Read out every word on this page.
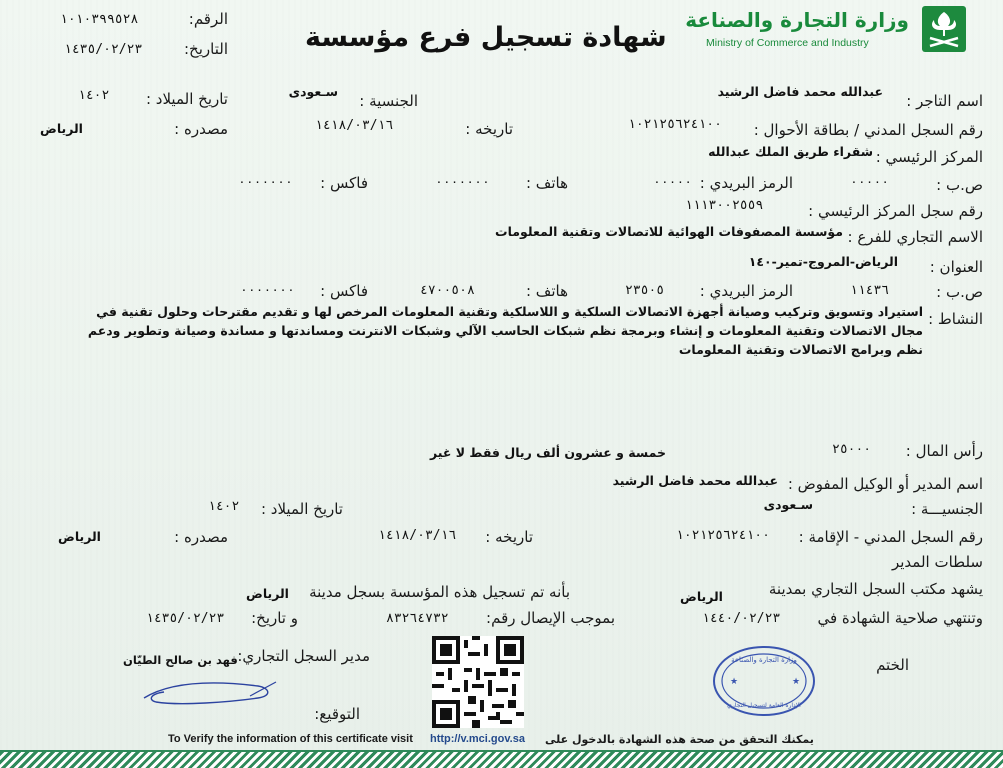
وزارة التجارة والصناعة
Ministry of Commerce and Industry
شهادة تسجيل فرع مؤسسة
الرقم:
١٠١٠٣٩٩٥٢٨
التاريخ:
١٤٣٥/٠٢/٢٣
اسم التاجر :
عبدالله محمد فاضل الرشيد
الجنسية :
سـعودى
تاريخ الميلاد :
١٤٠٢
رقم السجل المدني / بطاقة الأحوال :
١٠٢١٢٥٦٢٤١٠٠
تاريخه :
١٤١٨/٠٣/١٦
مصدره :
الرياض
المركز الرئيسي :
شقراء طريق الملك عبدالله
ص.ب :
٠٠٠٠٠
الرمز البريدي :
٠٠٠٠٠
هاتف :
٠٠٠٠٠٠٠
فاكس :
٠٠٠٠٠٠٠
رقم سجل المركز الرئيسي :
١١١٣٠٠٢٥٥٩
الاسم التجاري للفرع :
مؤسسة المصفوفات الهوائية للاتصالات وتقنية المعلومات
العنوان :
الرياض-المروج-تمير-١٤٠
ص.ب :
١١٤٣٦
الرمز البريدي :
٢٣٥٠٥
هاتف :
٤٧٠٠٥٠٨
فاكس :
٠٠٠٠٠٠٠
النشاط :
استيراد وتسويق وتركيب وصيانة أجهزة الاتصالات السلكية و اللاسلكية وتقنية المعلومات المرخص لها و تقديم مقترحات وحلول تقنية في مجال الاتصالات وتقنية المعلومات و إنشاء وبرمجة نظم شبكات الحاسب الآلي وشبكات الانترنت ومساندتها و مساندة وصيانة وتطوير ودعم نظم وبرامج الاتصالات وتقنية المعلومات
رأس المال :
٢٥٠٠٠
خمسة و عشرون ألف ريال فقط لا غير
اسم المدير أو الوكيل المفوض :
عبدالله محمد فاضل الرشيد
الجنسيـــة :
سـعودى
تاريخ الميلاد :
١٤٠٢
رقم السجل المدني - الإقامة :
١٠٢١٢٥٦٢٤١٠٠
تاريخه :
١٤١٨/٠٣/١٦
مصدره :
الرياض
سلطات المدير
يشهد مكتب السجل التجاري بمدينة
الرياض
بأنه تم تسجيل هذه المؤسسة بسجل مدينة
الرياض
وتنتهي صلاحية الشهادة في
١٤٤٠/٠٢/٢٣
بموجب الإيصال رقم:
٨٣٢٦٤٧٣٢
و تاريخ:
١٤٣٥/٠٢/٢٣
الختم
مدير السجل التجاري:
فهد بن صالح الطيّان
التوقيع:
وزارة التجارة والصناعة
الإدارة العامة لتسجيل التجاري
★	★
To Verify the information of this certificate visit http://v.mci.gov.sa يمكنك التحقق من صحة هذه الشهادة بالدخول على
